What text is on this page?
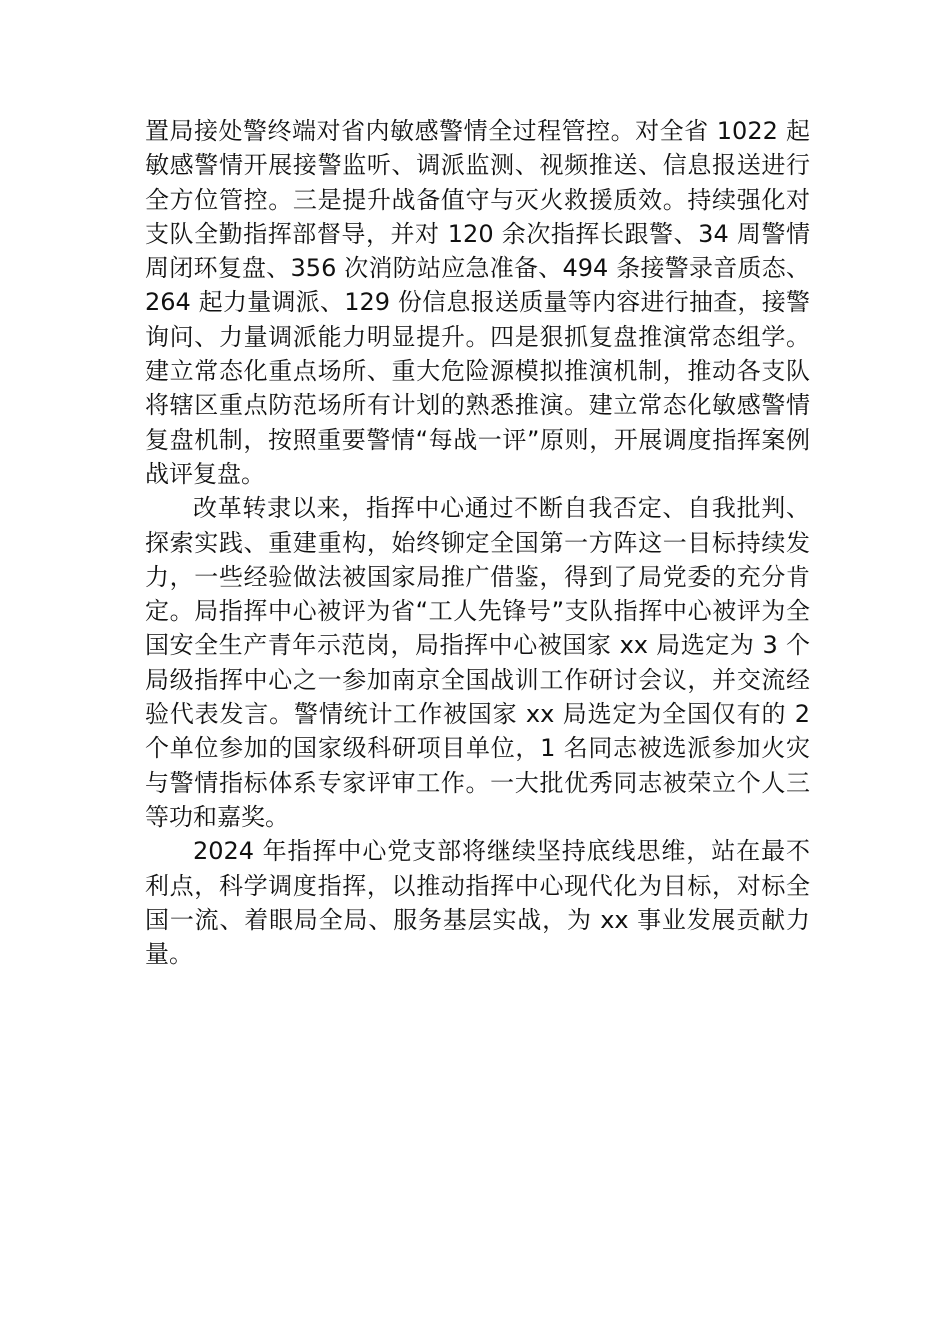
置局接处警终端对省内敏感警情全过程管控。对全省 1022 起敏感警情开展接警监听、调派监测、视频推送、信息报送进行全方位管控。三是提升战备值守与灭火救援质效。持续强化对支队全勤指挥部督导，并对 120 余次指挥长跟警、34 周警情周闭环复盘、356 次消防站应急准备、494 条接警录音质态、264 起力量调派、129 份信息报送质量等内容进行抽查，接警询问、力量调派能力明显提升。四是狠抓复盘推演常态组学。建立常态化重点场所、重大危险源模拟推演机制，推动各支队将辖区重点防范场所有计划的熟悉推演。建立常态化敏感警情复盘机制，按照重要警情“每战一评”原则，开展调度指挥案例战评复盘。

改革转隶以来，指挥中心通过不断自我否定、自我批判、探索实践、重建重构，始终铆定全国第一方阵这一目标持续发力，一些经验做法被国家局推广借鉴，得到了局党委的充分肯定。局指挥中心被评为省“工人先锋号”支队指挥中心被评为全国安全生产青年示范岗，局指挥中心被国家 xx 局选定为 3 个局级指挥中心之一参加南京全国战训工作研讨会议，并交流经验代表发言。警情统计工作被国家 xx 局选定为全国仅有的 2 个单位参加的国家级科研项目单位，1 名同志被选派参加火灾与警情指标体系专家评审工作。一大批优秀同志被荣立个人三等功和嘉奖。

2024 年指挥中心党支部将继续坚持底线思维，站在最不利点，科学调度指挥，以推动指挥中心现代化为目标，对标全国一流、着眼局全局、服务基层实战，为 xx 事业发展贡献力量。
